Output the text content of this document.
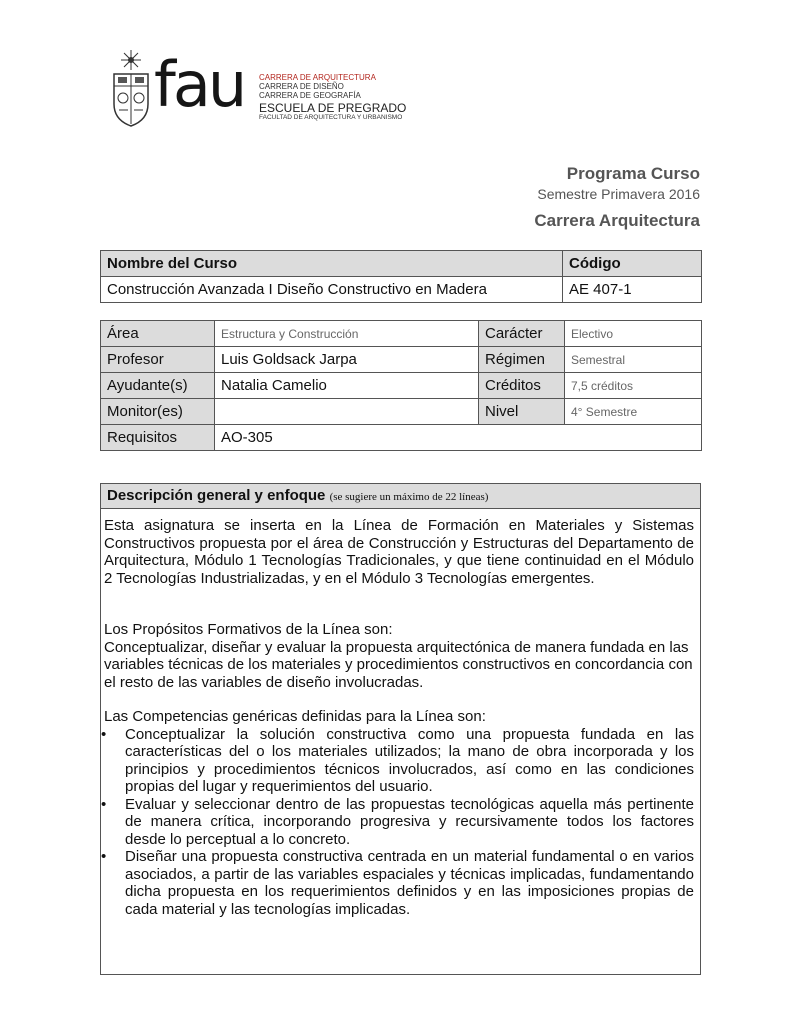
fau CARRERA DE ARQUITECTURA
CARRERA DE DISEÑO
CARRERA DE GEOGRAFÍA
ESCUELA DE PREGRADO
FACULTAD DE ARQUITECTURA Y URBANISMO
Programa Curso
Semestre Primavera 2016
Carrera Arquitectura
Nombre del Curso	Código
Construcción Avanzada I Diseño Constructivo en Madera	AE 407-1
Área	Estructura y Construcción	Carácter	Electivo
Profesor	Luis Goldsack Jarpa	Régimen	Semestral
Ayudante(s)	Natalia Camelio	Créditos	7,5 créditos
Monitor(es)		Nivel	4° Semestre
Requisitos	AO-305		
Descripción general y enfoque (se sugiere un máximo de 22 líneas)

Esta asignatura se inserta en la Línea de Formación en Materiales y Sistemas Constructivos propuesta por el área de Construcción y Estructuras del Departamento de Arquitectura, Módulo 1 Tecnologías Tradicionales, y que tiene continuidad en el Módulo 2 Tecnologías Industrializadas, y en el Módulo 3 Tecnologías emergentes.

Los Propósitos Formativos de la Línea son:

Conceptualizar, diseñar y evaluar la propuesta arquitectónica de manera fundada en las variables técnicas de los materiales y procedimientos constructivos en concordancia con el resto de las variables de diseño involucradas.

Las Competencias genéricas definidas para la Línea son:

• Conceptualizar la solución constructiva como una propuesta fundada en las características del o los materiales utilizados; la mano de obra incorporada y los principios y procedimientos técnicos involucrados, así como en las condiciones propias del lugar y requerimientos del usuario.
• Evaluar y seleccionar dentro de las propuestas tecnológicas aquella más pertinente de manera crítica, incorporando progresiva y recursivamente todos los factores desde lo perceptual a lo concreto.
• Diseñar una propuesta constructiva centrada en un material fundamental o en varios asociados, a partir de las variables espaciales y técnicas implicadas, fundamentando dicha propuesta en los requerimientos definidos y en las imposiciones propias de cada material y las tecnologías implicadas.
